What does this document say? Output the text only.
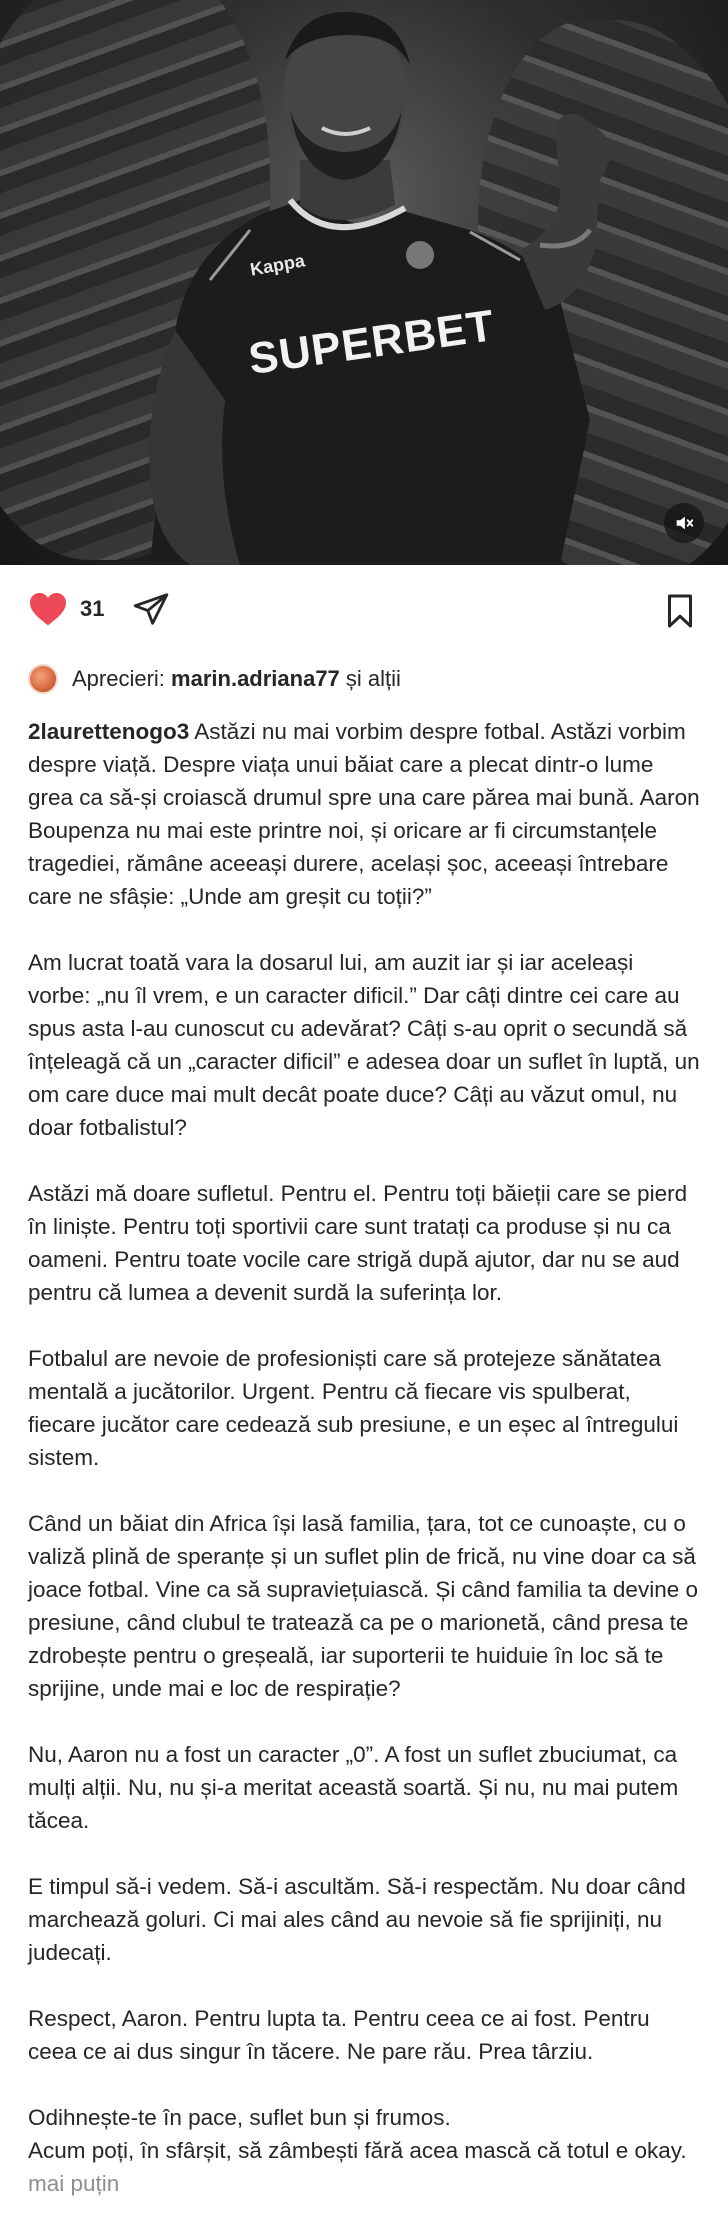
Kappa
SUPERBET
31
Aprecieri: marin.adriana77 și alții

2laurettenogo3 Astăzi nu mai vorbim despre fotbal. Astăzi vorbim despre viață. Despre viața unui băiat care a plecat dintr-o lume grea ca să-și croiască drumul spre una care părea mai bună. Aaron Boupenza nu mai este printre noi, și oricare ar fi circumstanțele tragediei, rămâne aceeași durere, același șoc, aceeași întrebare care ne sfâșie: „Unde am greșit cu toții?”

Am lucrat toată vara la dosarul lui, am auzit iar și iar aceleași vorbe: „nu îl vrem, e un caracter dificil.” Dar câți dintre cei care au spus asta l-au cunoscut cu adevărat? Câți s-au oprit o secundă să înțeleagă că un „caracter dificil” e adesea doar un suflet în luptă, un om care duce mai mult decât poate duce? Câți au văzut omul, nu doar fotbalistul?

Astăzi mă doare sufletul. Pentru el. Pentru toți băieții care se pierd în liniște. Pentru toți sportivii care sunt tratați ca produse și nu ca oameni. Pentru toate vocile care strigă după ajutor, dar nu se aud pentru că lumea a devenit surdă la suferința lor.

Fotbalul are nevoie de profesioniști care să protejeze sănătatea mentală a jucătorilor. Urgent. Pentru că fiecare vis spulberat, fiecare jucător care cedează sub presiune, e un eșec al întregului sistem.

Când un băiat din Africa își lasă familia, țara, tot ce cunoaște, cu o valiză plină de speranțe și un suflet plin de frică, nu vine doar ca să joace fotbal. Vine ca să supraviețuiască. Și când familia ta devine o presiune, când clubul te tratează ca pe o marionetă, când presa te zdrobește pentru o greșeală, iar suporterii te huiduie în loc să te sprijine, unde mai e loc de respirație?

Nu, Aaron nu a fost un caracter „0”. A fost un suflet zbuciumat, ca mulți alții. Nu, nu și-a meritat această soartă. Și nu, nu mai putem tăcea.

E timpul să-i vedem. Să-i ascultăm. Să-i respectăm. Nu doar când marchează goluri. Ci mai ales când au nevoie să fie sprijiniți, nu judecați.

Respect, Aaron. Pentru lupta ta. Pentru ceea ce ai fost. Pentru ceea ce ai dus singur în tăcere. Ne pare rău. Prea târziu.

Odihnește-te în pace, suflet bun și frumos.
Acum poți, în sfârșit, să zâmbești fără acea mască că totul e okay. mai puțin
